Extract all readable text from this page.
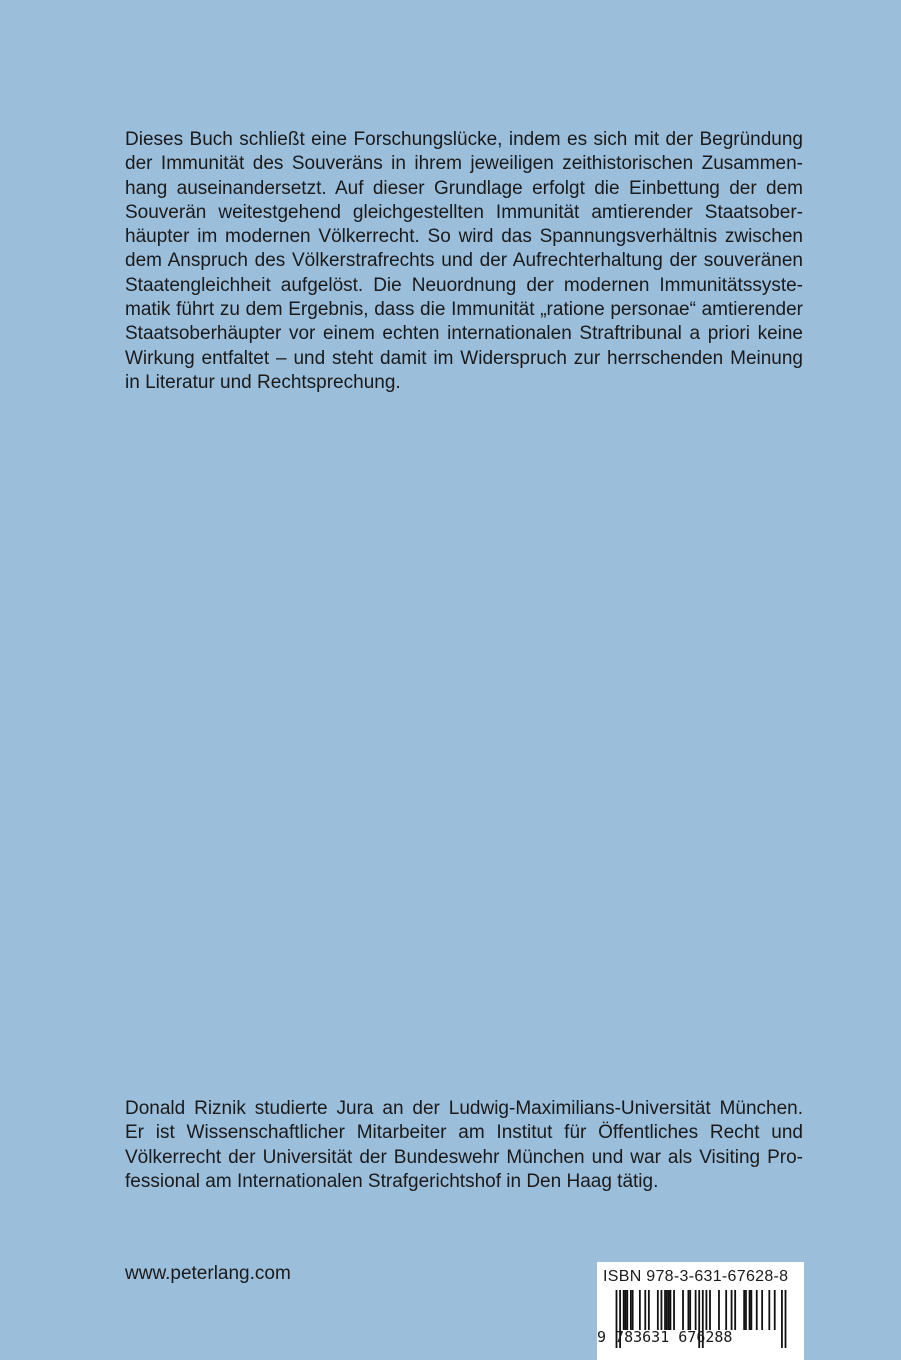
Dieses Buch schließt eine Forschungslücke, indem es sich mit der Begründung
der Immunität des Souveräns in ihrem jeweiligen zeithistorischen Zusammen-
hang auseinandersetzt. Auf dieser Grundlage erfolgt die Einbettung der dem
Souverän weitestgehend gleichgestellten Immunität amtierender Staatsober-
häupter im modernen Völkerrecht. So wird das Spannungsverhältnis zwischen
dem Anspruch des Völkerstrafrechts und der Aufrechterhaltung der souveränen
Staatengleichheit aufgelöst. Die Neuordnung der modernen Immunitätssyste-
matik führt zu dem Ergebnis, dass die Immunität „ratione personae“ amtierender
Staatsoberhäupter vor einem echten internationalen Straftribunal a priori keine
Wirkung entfaltet – und steht damit im Widerspruch zur herrschenden Meinung
in Literatur und Rechtsprechung.
Donald Riznik studierte Jura an der Ludwig-Maximilians-Universität München.
Er ist Wissenschaftlicher Mitarbeiter am Institut für Öffentliches Recht und
Völkerrecht der Universität der Bundeswehr München und war als Visiting Pro-
fessional am Internationalen Strafgerichtshof in Den Haag tätig.
www.peterlang.com	ISBN 978-3-631-67628-8
9 783631 676288
